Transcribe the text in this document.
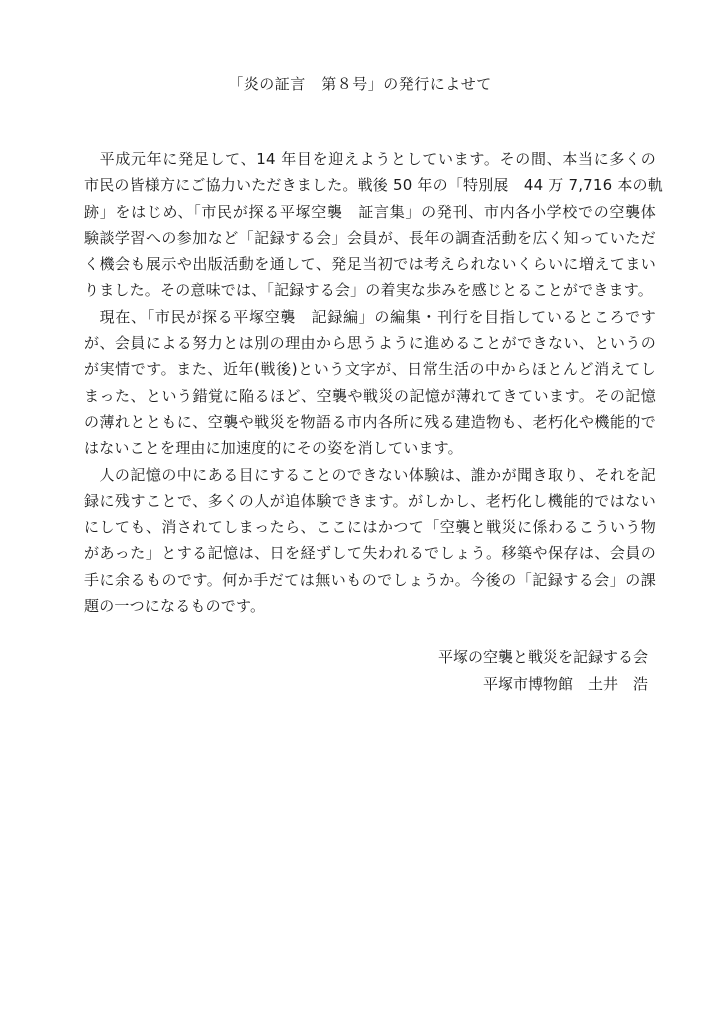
「炎の証言　第８号」の発行によせて
　平成元年に発足して、14 年目を迎えようとしています。その間、本当に多くの
市民の皆様方にご協力いただきました。戦後 50 年の「特別展　44 万 7,716 本の軌
跡」をはじめ、「市民が探る平塚空襲　証言集」の発刊、市内各小学校での空襲体
験談学習への参加など「記録する会」会員が、長年の調査活動を広く知っていただ
く機会も展示や出版活動を通して、発足当初では考えられないくらいに増えてまい
りました。その意味では、「記録する会」の着実な歩みを感じとることができます。
　現在、「市民が探る平塚空襲　記録編」の編集・刊行を目指しているところです
が、会員による努力とは別の理由から思うように進めることができない、というの
が実情です。また、近年(戦後)という文字が、日常生活の中からほとんど消えてし
まった、という錯覚に陥るほど、空襲や戦災の記憶が薄れてきています。その記憶
の薄れとともに、空襲や戦災を物語る市内各所に残る建造物も、老朽化や機能的で
はないことを理由に加速度的にその姿を消しています。
　人の記憶の中にある目にすることのできない体験は、誰かが聞き取り、それを記
録に残すことで、多くの人が追体験できます。がしかし、老朽化し機能的ではない
にしても、消されてしまったら、ここにはかつて「空襲と戦災に係わるこういう物
があった」とする記憶は、日を経ずして失われるでしょう。移築や保存は、会員の
手に余るものです。何か手だては無いものでしょうか。今後の「記録する会」の課
題の一つになるものです。
平塚の空襲と戦災を記録する会
平塚市博物館　土井　浩
